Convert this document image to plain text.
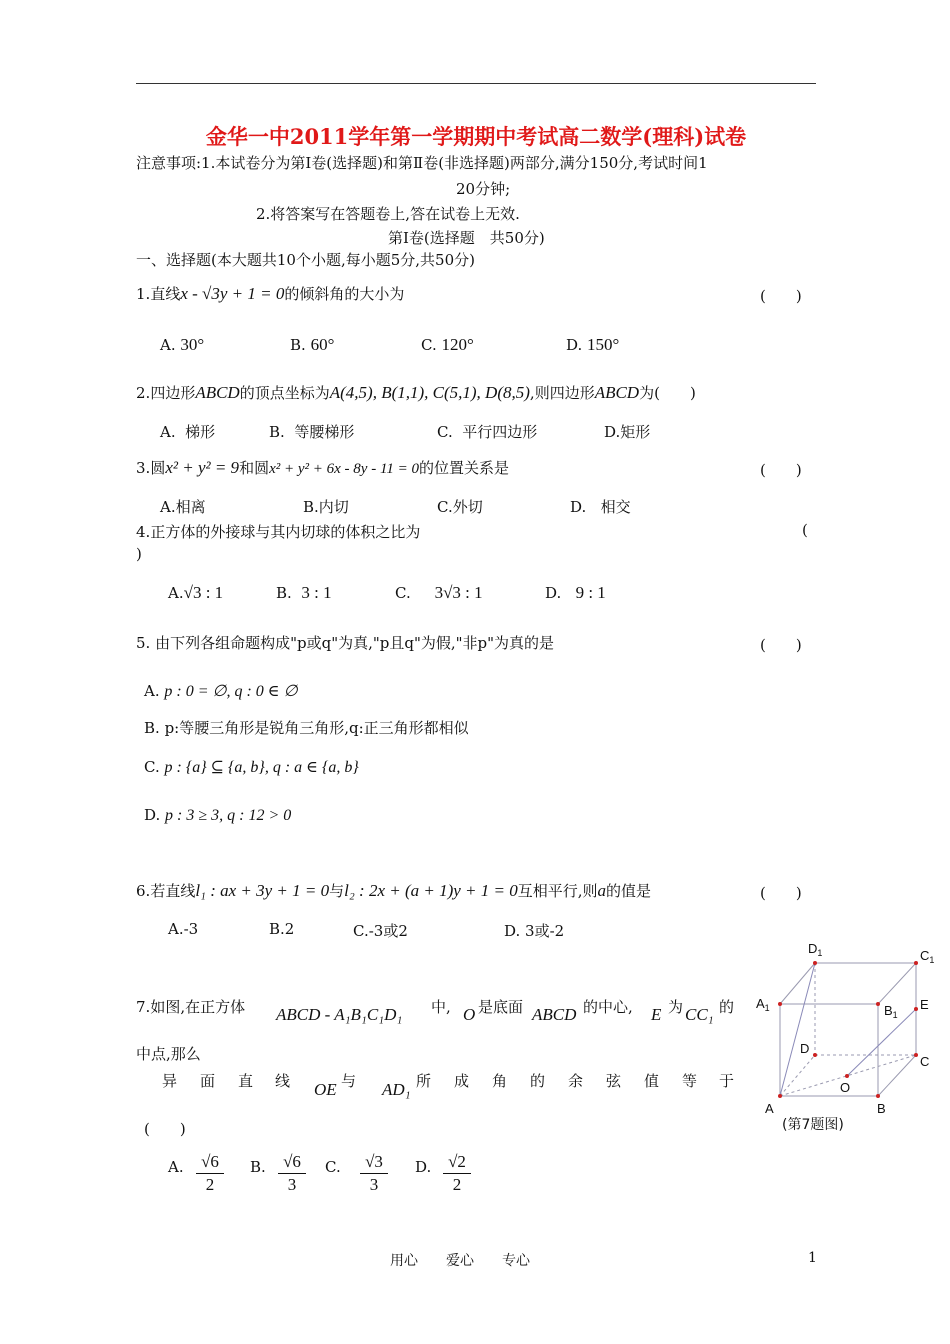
金华一中2011学年第一学期期中考试高二数学(理科)试卷
注意事项:1.本试卷分为第Ⅰ卷(选择题)和第Ⅱ卷(非选择题)两部分,满分150分,考试时间1
20分钟;
2.将答案写在答题卷上,答在试卷上无效.
第Ⅰ卷(选择题　共50分)
一、选择题(本大题共10个小题,每小题5分,共50分)
1.直线x - √3y + 1 = 0的倾斜角的大小为	(　　)
A. 30°	B. 60°	C. 120°	D. 150°
2.四边形ABCD的顶点坐标为A(4,5), B(1,1), C(5,1), D(8,5),则四边形ABCD为(　　)
A. 梯形	B. 等腰梯形	C. 平行四边形	D.矩形
3.圆x² + y² = 9和圆x² + y² + 6x - 8y - 11 = 0的位置关系是	(　　)
A.相离	B.内切	C.外切	D. 相交
4.正方体的外接球与其内切球的体积之比为	(
)
A.√3 : 1	B. 3 : 1	C. 3√3 : 1	D. 9 : 1
5. 由下列各组命题构成"p或q"为真,"p且q"为假,"非p"为真的是	(　　)
A. p : 0 = ∅, q : 0 ∈ ∅
B. p:等腰三角形是锐角三角形,q:正三角形都相似
C. p : {a} ⊆ {a, b}, q : a ∈ {a, b}
D. p : 3 ≥ 3, q : 12 > 0
6.若直线l₁ : ax + 3y + 1 = 0与l₂ : 2x + (a + 1)y + 1 = 0互相平行,则a的值是	(　　)
A.-3	B.2	C.-3或2	D. 3或-2
7.如图,在正方体 ABCD - A₁B₁C₁D₁ 中, O 是底面 ABCD 的中心, E 为 CC₁ 的
中点,那么
异 面 直 线 OE 与 AD₁ 所 成 角 的 余 弦 值 等 于
(　　)
A. √6
2
B. √6
3
C. √3
3
D. √2
2
$D_1$	$C_1$
$A_1$	$B_1$
E
D
C
O
A	B
(第7题图)
用心　　爱心　　专心	1
